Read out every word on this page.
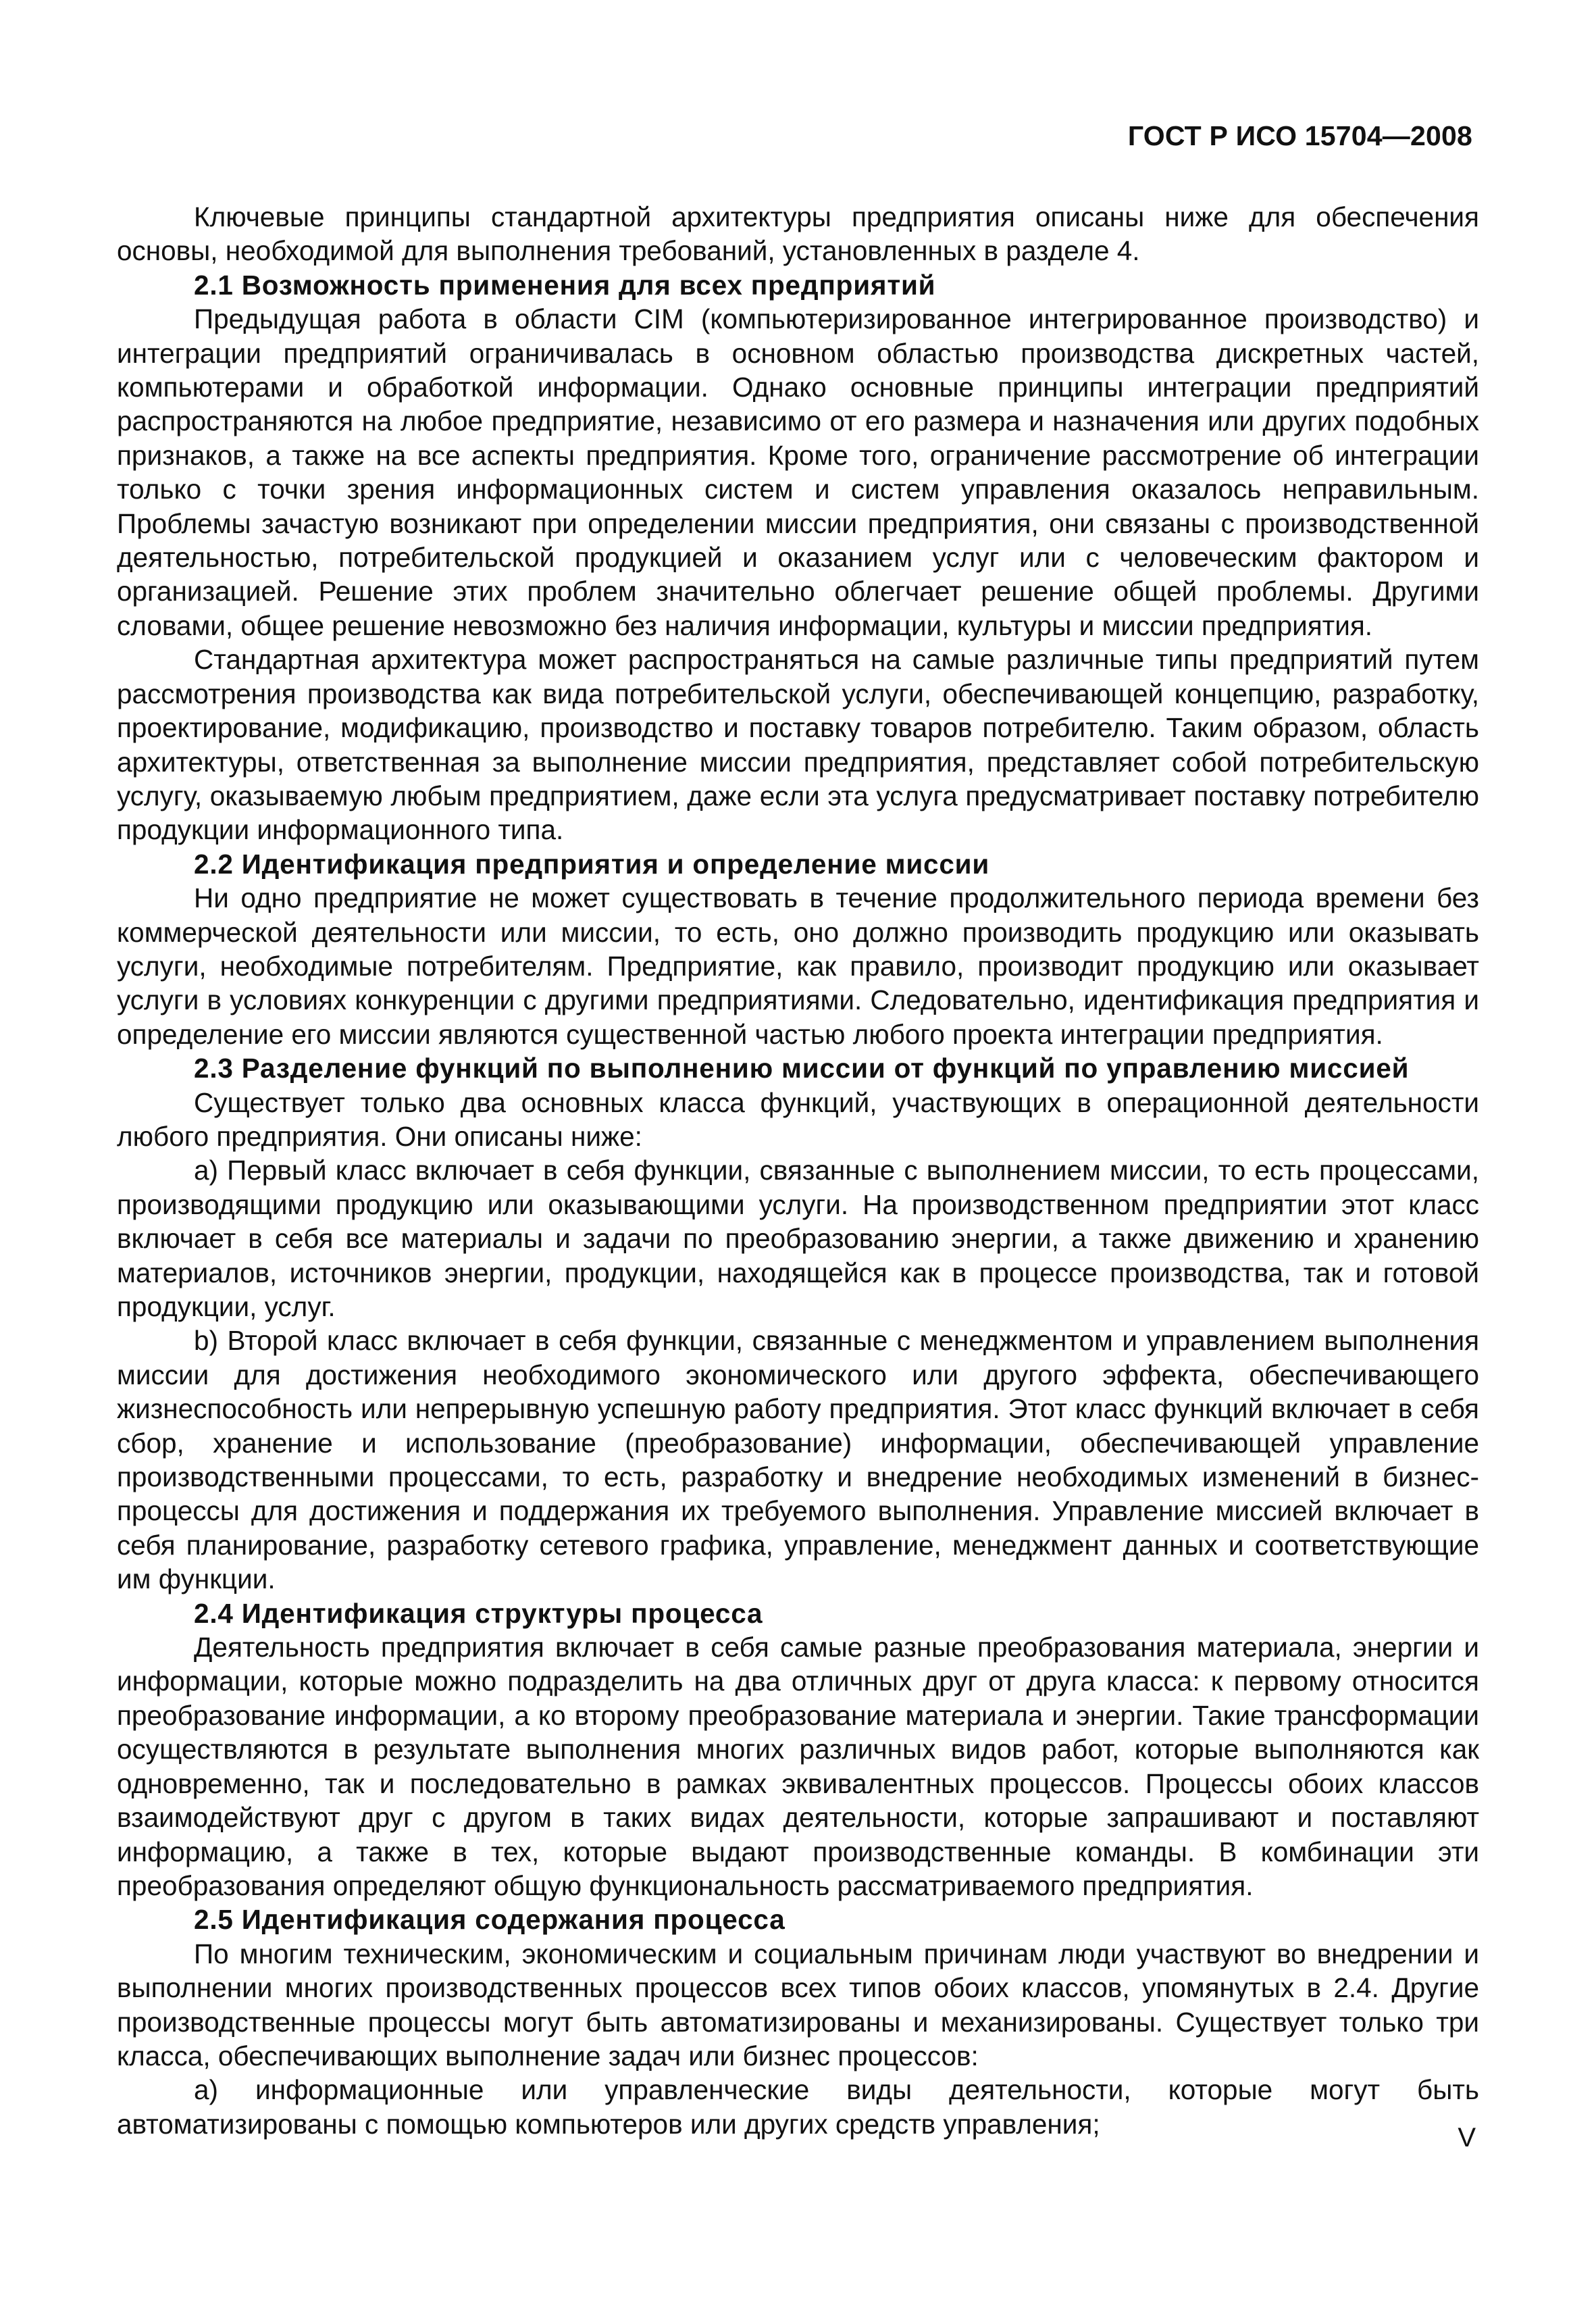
ГОСТ Р ИСО 15704—2008

Ключевые принципы стандартной архитектуры предприятия описаны ниже для обеспечения основы, необходимой для выполнения требований, установленных в разделе 4.

2.1 Возможность применения для всех предприятий

Предыдущая работа в области CIM (компьютеризированное интегрированное производство) и интеграции предприятий ограничивалась в основном областью производства дискретных частей, компьютерами и обработкой информации. Однако основные принципы интеграции предприятий распространяются на любое предприятие, независимо от его размера и назначения или других подобных признаков, а также на все аспекты предприятия. Кроме того, ограничение рассмотрение об интеграции только с точки зрения информационных систем и систем управления оказалось неправильным. Проблемы зачастую возникают при определении миссии предприятия, они связаны с производственной деятельностью, потребительской продукцией и оказанием услуг или с человеческим фактором и организацией. Решение этих проблем значительно облегчает решение общей проблемы. Другими словами, общее решение невозможно без наличия информации, культуры и миссии предприятия.

Стандартная архитектура может распространяться на самые различные типы предприятий путем рассмотрения производства как вида потребительской услуги, обеспечивающей концепцию, разработку, проектирование, модификацию, производство и поставку товаров потребителю. Таким образом, область архитектуры, ответственная за выполнение миссии предприятия, представляет собой потребительскую услугу, оказываемую любым предприятием, даже если эта услуга предусматривает поставку потребителю продукции информационного типа.

2.2 Идентификация предприятия и определение миссии

Ни одно предприятие не может существовать в течение продолжительного периода времени без коммерческой деятельности или миссии, то есть, оно должно производить продукцию или оказывать услуги, необходимые потребителям. Предприятие, как правило, производит продукцию или оказывает услуги в условиях конкуренции с другими предприятиями. Следовательно, идентификация предприятия и определение его миссии являются существенной частью любого проекта интеграции предприятия.

2.3 Разделение функций по выполнению миссии от функций по управлению миссией

Существует только два основных класса функций, участвующих в операционной деятельности любого предприятия. Они описаны ниже:

a) Первый класс включает в себя функции, связанные с выполнением миссии, то есть процессами, производящими продукцию или оказывающими услуги. На производственном предприятии этот класс включает в себя все материалы и задачи по преобразованию энергии, а также движению и хранению материалов, источников энергии, продукции, находящейся как в процессе производства, так и готовой продукции, услуг.

b) Второй класс включает в себя функции, связанные с менеджментом и управлением выполнения миссии для достижения необходимого экономического или другого эффекта, обеспечивающего жизнеспособность или непрерывную успешную работу предприятия. Этот класс функций включает в себя сбор, хранение и использование (преобразование) информации, обеспечивающей управление производственными процессами, то есть, разработку и внедрение необходимых изменений в бизнес-процессы для достижения и поддержания их требуемого выполнения. Управление миссией включает в себя планирование, разработку сетевого графика, управление, менеджмент данных и соответствующие им функции.

2.4 Идентификация структуры процесса

Деятельность предприятия включает в себя самые разные преобразования материала, энергии и информации, которые можно подразделить на два отличных друг от друга класса: к первому относится преобразование информации, а ко второму преобразование материала и энергии. Такие трансформации осуществляются в результате выполнения многих различных видов работ, которые выполняются как одновременно, так и последовательно в рамках эквивалентных процессов. Процессы обоих классов взаимодействуют друг с другом в таких видах деятельности, которые запрашивают и поставляют информацию, а также в тех, которые выдают производственные команды. В комбинации эти преобразования определяют общую функциональность рассматриваемого предприятия.

2.5 Идентификация содержания процесса

По многим техническим, экономическим и социальным причинам люди участвуют во внедрении и выполнении многих производственных процессов всех типов обоих классов, упомянутых в 2.4. Другие производственные процессы могут быть автоматизированы и механизированы. Существует только три класса, обеспечивающих выполнение задач или бизнес процессов:

a) информационные или управленческие виды деятельности, которые могут быть автоматизированы с помощью компьютеров или других средств управления;	V
